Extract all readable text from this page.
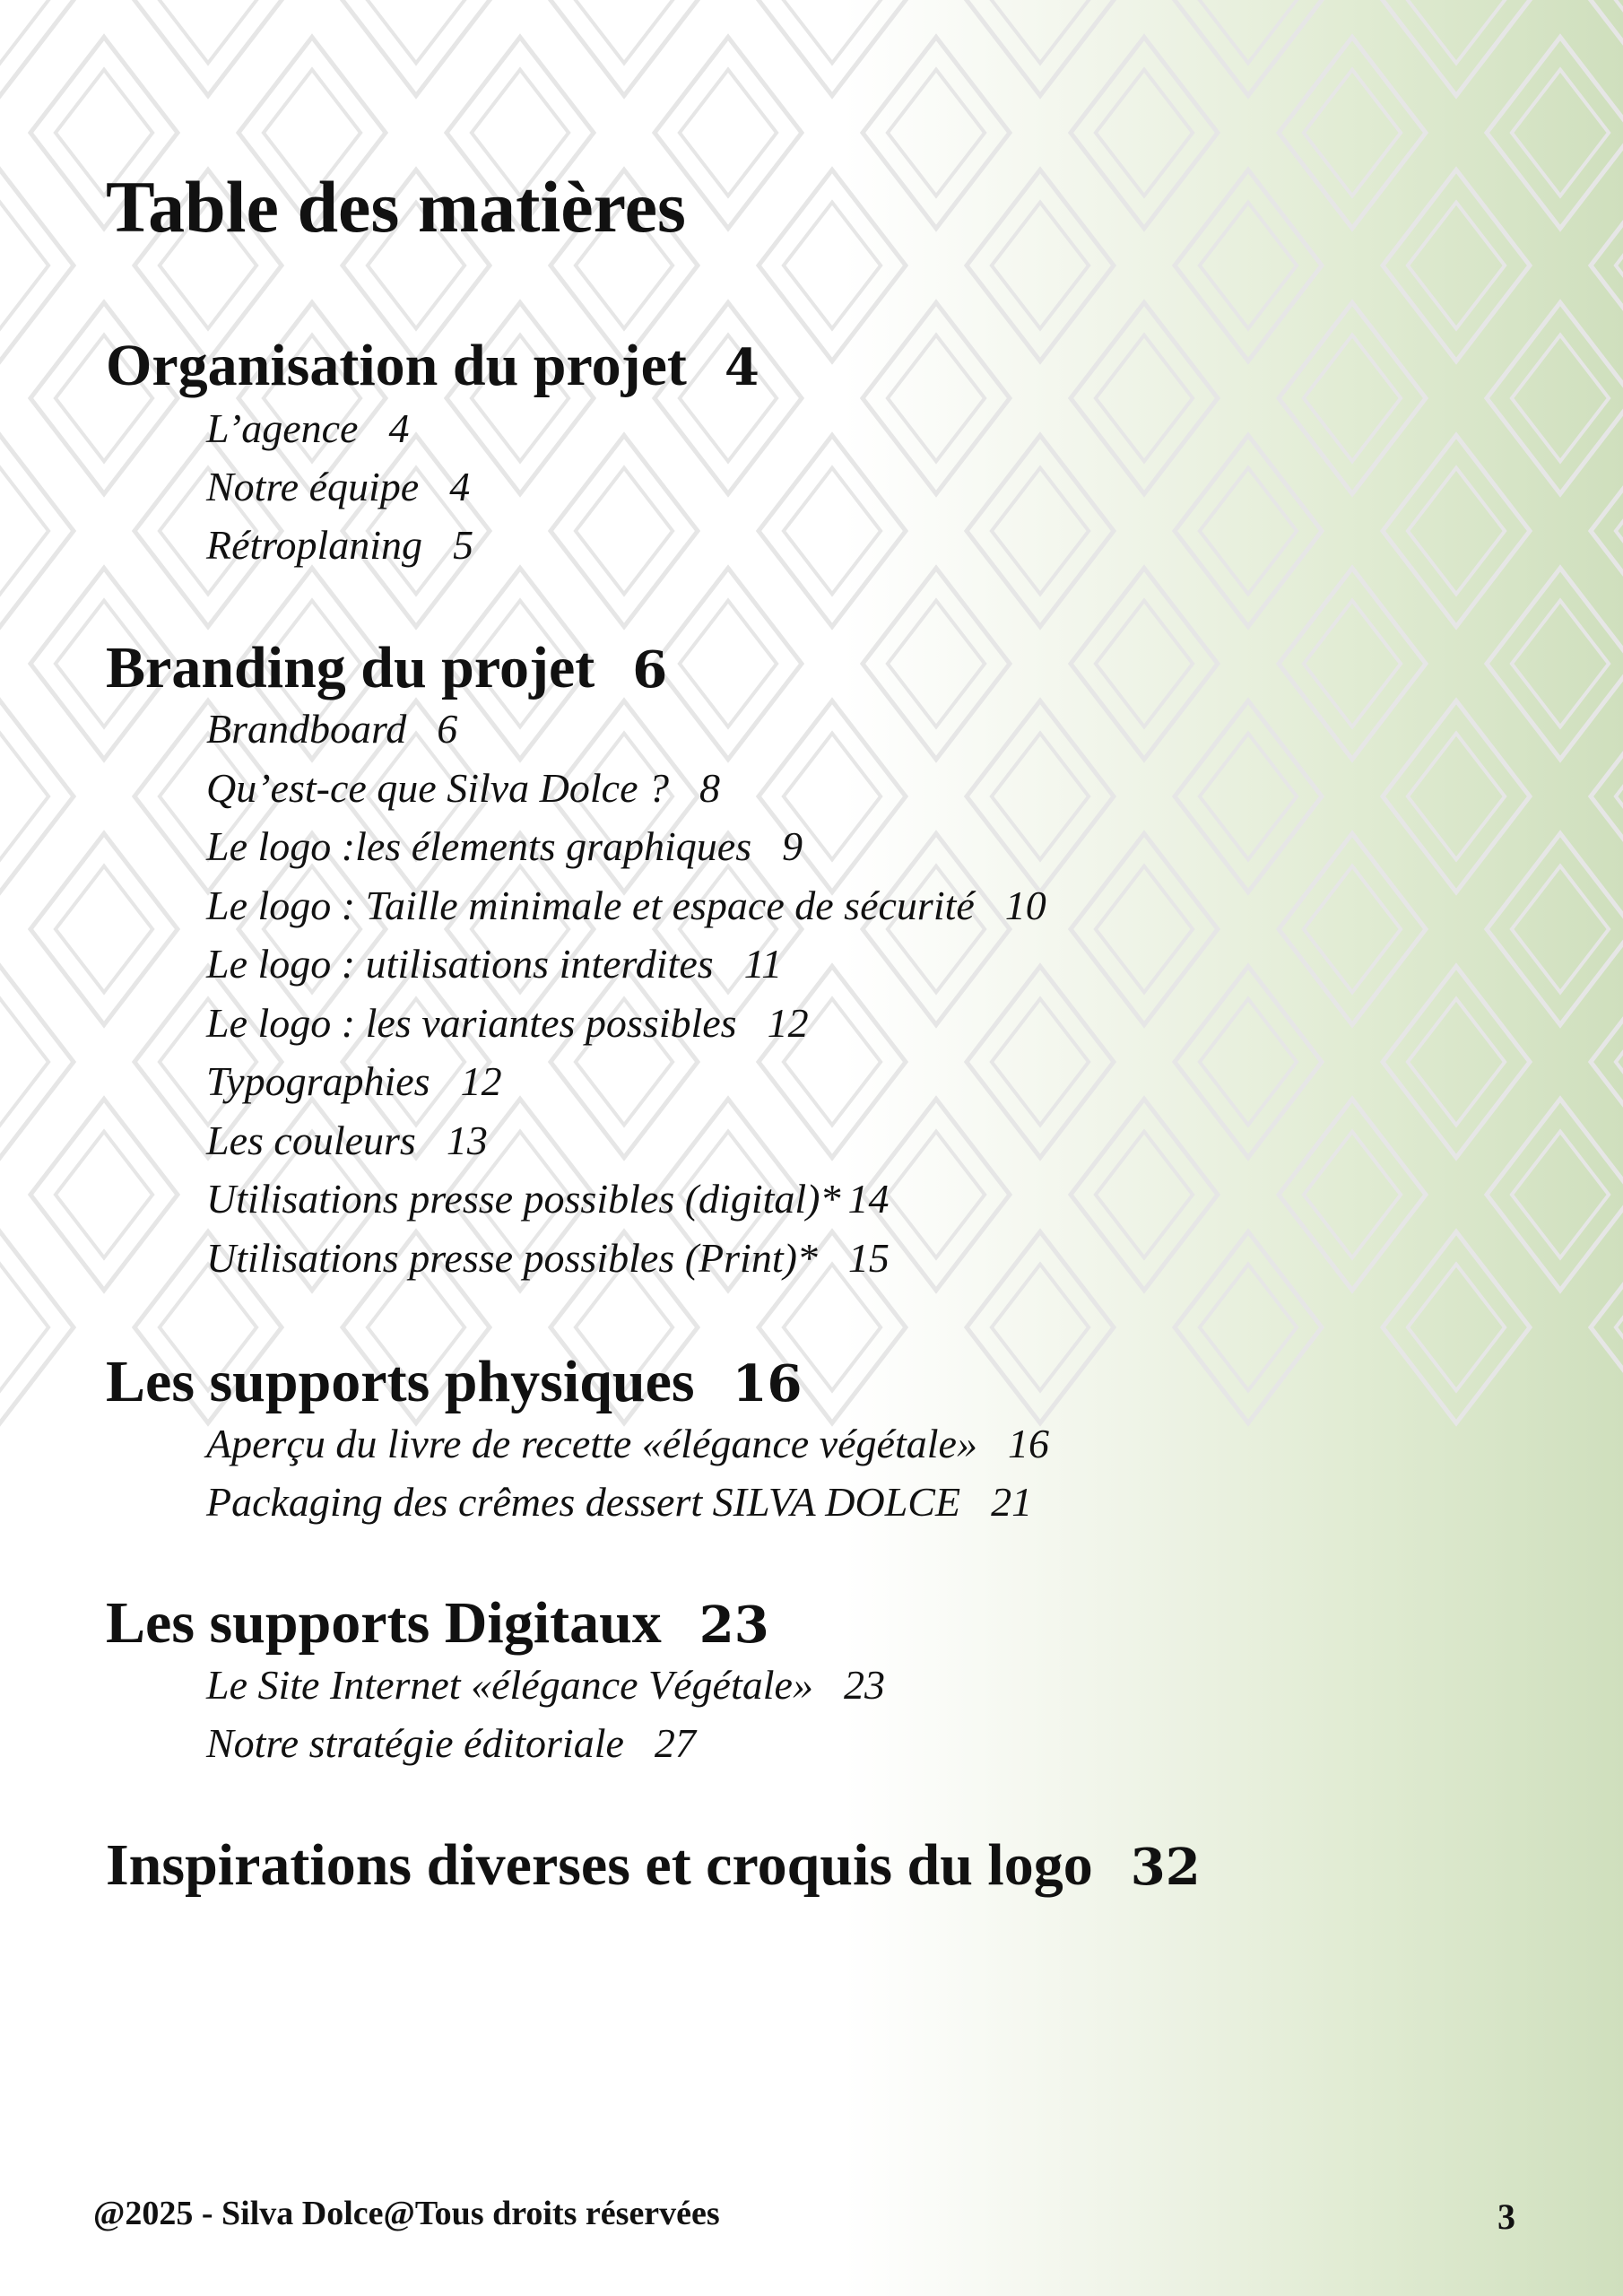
Table des matières
Organisation du projet 4
L’agence 4
Notre équipe 4
Rétroplaning 5
Branding du projet 6
Brandboard 6
Qu’est-ce que Silva Dolce ? 8
Le logo :les élements graphiques 9
Le logo : Taille minimale et espace de sécurité 10
Le logo : utilisations interdites 11
Le logo : les variantes possibles 12
Typographies 12
Les couleurs 13
Utilisations presse possibles (digital)* 14
Utilisations presse possibles (Print)* 15
Les supports physiques 16
Aperçu du livre de recette «élégance végétale» 16
Packaging des crêmes dessert SILVA DOLCE 21
Les supports Digitaux 23
Le Site Internet «élégance Végétale» 23
Notre stratégie éditoriale 27
Inspirations diverses et croquis du logo 32
@2025 - Silva Dolce@Tous droits réservées	3
